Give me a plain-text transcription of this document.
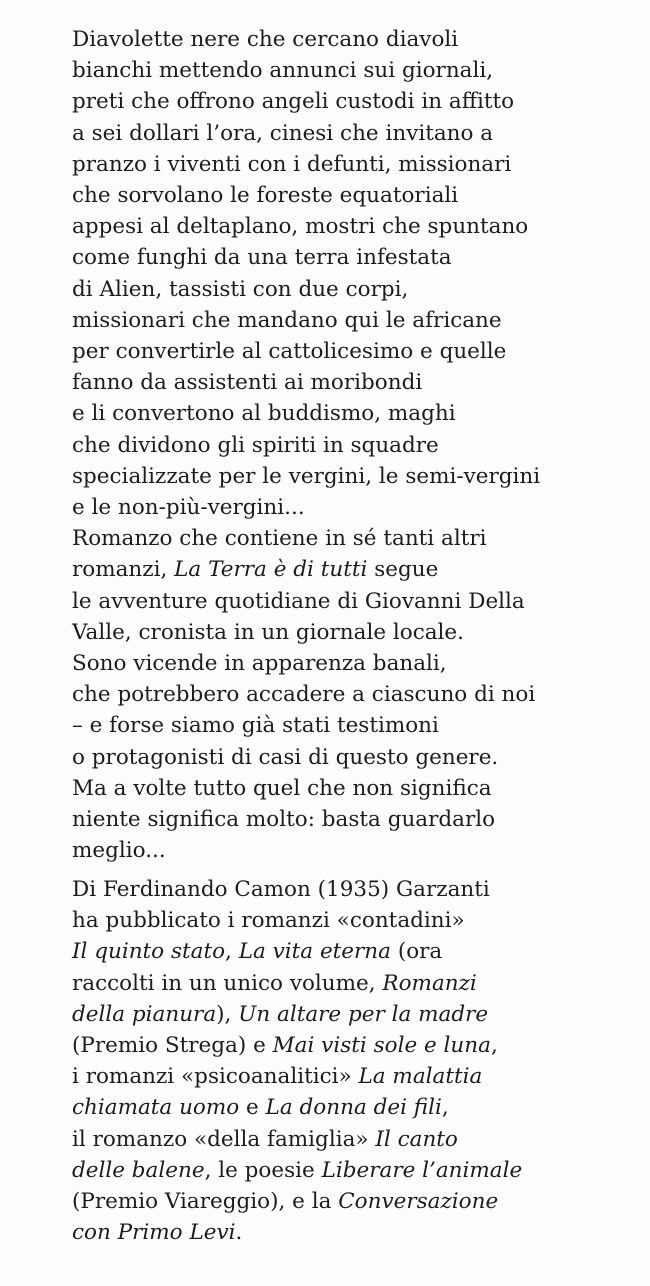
Diavolette nere che cercano diavoli
bianchi mettendo annunci sui giornali,
preti che offrono angeli custodi in affitto
a sei dollari l’ora, cinesi che invitano a
pranzo i viventi con i defunti, missionari
che sorvolano le foreste equatoriali
appesi al deltaplano, mostri che spuntano
come funghi da una terra infestata
di Alien, tassisti con due corpi,
missionari che mandano qui le africane
per convertirle al cattolicesimo e quelle
fanno da assistenti ai moribondi
e li convertono al buddismo, maghi
che dividono gli spiriti in squadre
specializzate per le vergini, le semi-vergini
e le non-più-vergini...
Romanzo che contiene in sé tanti altri
romanzi, La Terra è di tutti segue
le avventure quotidiane di Giovanni Della
Valle, cronista in un giornale locale.
Sono vicende in apparenza banali,
che potrebbero accadere a ciascuno di noi
– e forse siamo già stati testimoni
o protagonisti di casi di questo genere.
Ma a volte tutto quel che non significa
niente significa molto: basta guardarlo
meglio...
Di Ferdinando Camon (1935) Garzanti
ha pubblicato i romanzi «contadini»
Il quinto stato, La vita eterna (ora
raccolti in un unico volume, Romanzi
della pianura), Un altare per la madre
(Premio Strega) e Mai visti sole e luna,
i romanzi «psicoanalitici» La malattia
chiamata uomo e La donna dei fili,
il romanzo «della famiglia» Il canto
delle balene, le poesie Liberare l’animale
(Premio Viareggio), e la Conversazione
con Primo Levi.
